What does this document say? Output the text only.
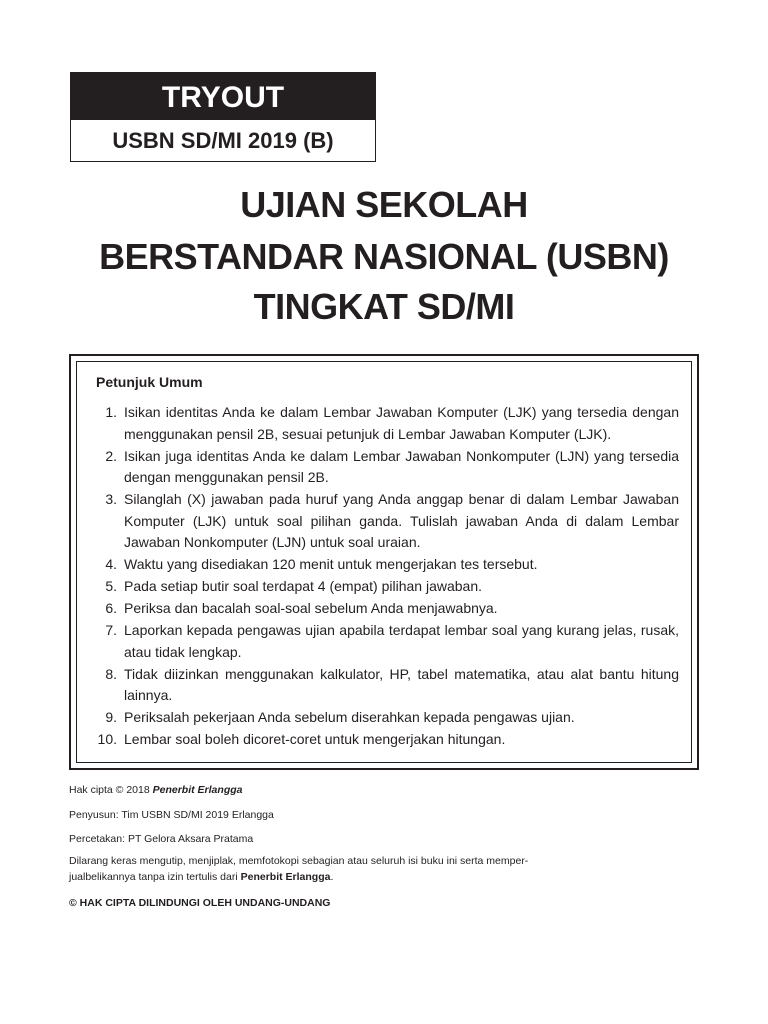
TRYOUT
USBN SD/MI 2019 (B)
UJIAN SEKOLAH
BERSTANDAR NASIONAL (USBN)
TINGKAT SD/MI
Petunjuk Umum
1. Isikan identitas Anda ke dalam Lembar Jawaban Komputer (LJK) yang tersedia dengan menggunakan pensil 2B, sesuai petunjuk di Lembar Jawaban Komputer (LJK).
2. Isikan juga identitas Anda ke dalam Lembar Jawaban Nonkomputer (LJN) yang tersedia dengan menggunakan pensil 2B.
3. Silanglah (X) jawaban pada huruf yang Anda anggap benar di dalam Lembar Jawaban Komputer (LJK) untuk soal pilihan ganda. Tulislah jawaban Anda di dalam Lembar Jawaban Nonkomputer (LJN) untuk soal uraian.
4. Waktu yang disediakan 120 menit untuk mengerjakan tes tersebut.
5. Pada setiap butir soal terdapat 4 (empat) pilihan jawaban.
6. Periksa dan bacalah soal-soal sebelum Anda menjawabnya.
7. Laporkan kepada pengawas ujian apabila terdapat lembar soal yang kurang jelas, rusak, atau tidak lengkap.
8. Tidak diizinkan menggunakan kalkulator, HP, tabel matematika, atau alat bantu hitung lainnya.
9. Periksalah pekerjaan Anda sebelum diserahkan kepada pengawas ujian.
10. Lembar soal boleh dicoret-coret untuk mengerjakan hitungan.
Hak cipta © 2018 Penerbit Erlangga
Penyusun: Tim USBN SD/MI 2019 Erlangga
Percetakan: PT Gelora Aksara Pratama
Dilarang keras mengutip, menjiplak, memfotokopi sebagian atau seluruh isi buku ini serta memper-
jualbelikannya tanpa izin tertulis dari Penerbit Erlangga.
© HAK CIPTA DILINDUNGI OLEH UNDANG-UNDANG
